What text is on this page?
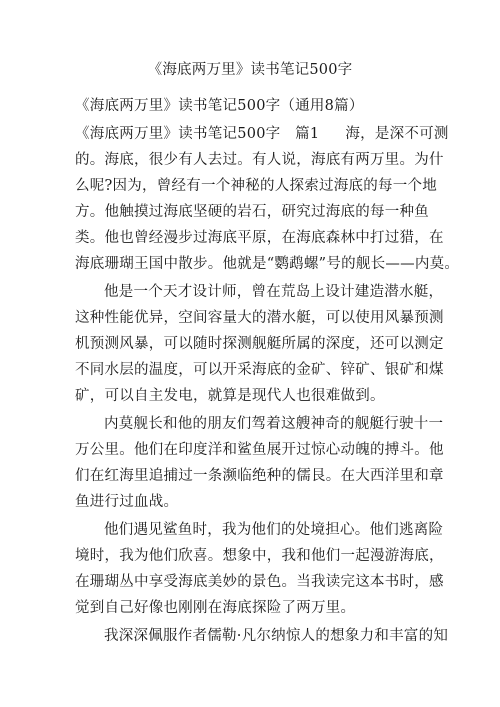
《海底两万里》读书笔记500字
《海底两万里》读书笔记500字（通用8篇）
《海底两万里》读书笔记500字　篇1 海，是深不可测
的。海底，很少有人去过。有人说，海底有两万里。为什
么呢?因为，曾经有一个神秘的人探索过海底的每一个地
方。他触摸过海底坚硬的岩石，研究过海底的每一种鱼
类。他也曾经漫步过海底平原，在海底森林中打过猎，在
海底珊瑚王国中散步。他就是“鹦鹉螺”号的舰长——内莫。
他是一个天才设计师，曾在荒岛上设计建造潜水艇，
这种性能优异，空间容量大的潜水艇，可以使用风暴预测
机预测风暴，可以随时探测舰艇所属的深度，还可以测定
不同水层的温度，可以开采海底的金矿、锌矿、银矿和煤
矿，可以自主发电，就算是现代人也很难做到。
内莫舰长和他的朋友们驾着这艘神奇的舰艇行驶十一
万公里。他们在印度洋和鲨鱼展开过惊心动魄的搏斗。他
们在红海里追捕过一条濒临绝种的儒艮。在大西洋里和章
鱼进行过血战。
他们遇见鲨鱼时，我为他们的处境担心。他们逃离险
境时，我为他们欣喜。想象中，我和他们一起漫游海底，
在珊瑚丛中享受海底美妙的景色。当我读完这本书时，感
觉到自己好像也刚刚在海底探险了两万里。
我深深佩服作者儒勒·凡尔纳惊人的想象力和丰富的知
